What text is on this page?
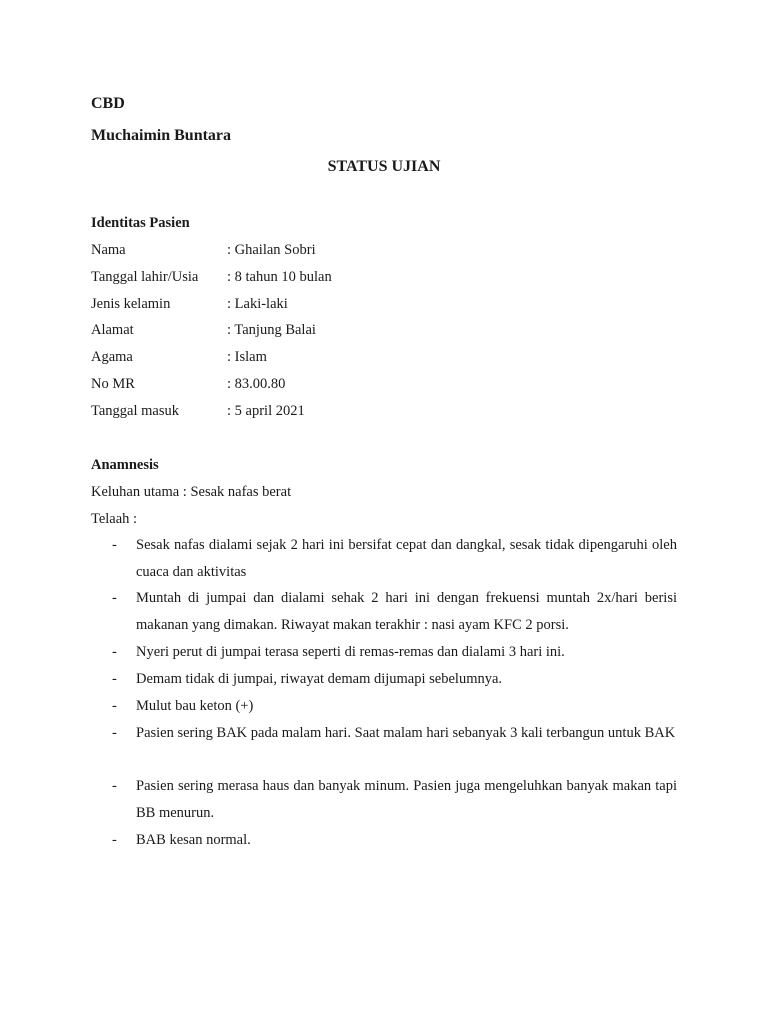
CBD
Muchaimin Buntara
STATUS UJIAN
Identitas Pasien
Nama	: Ghailan Sobri
Tanggal lahir/Usia : 8 tahun 10 bulan
Jenis kelamin	: Laki-laki
Alamat	: Tanjung Balai
Agama	: Islam
No MR	: 83.00.80
Tanggal masuk	: 5 april 2021
Anamnesis
Keluhan utama : Sesak nafas berat
Telaah :
- Sesak nafas dialami sejak 2 hari ini bersifat cepat dan dangkal, sesak tidak dipengaruhi oleh cuaca dan aktivitas
- Muntah di jumpai dan dialami sehak 2 hari ini dengan frekuensi muntah 2x/hari berisi makanan yang dimakan. Riwayat makan terakhir : nasi ayam KFC 2 porsi.
- Nyeri perut di jumpai terasa seperti di remas-remas dan dialami 3 hari ini.
- Demam tidak di jumpai, riwayat demam dijumapi sebelumnya.
- Mulut bau keton (+)
- Pasien sering BAK pada malam hari. Saat malam hari sebanyak 3 kali terbangun untuk BAK
- Pasien sering merasa haus dan banyak minum. Pasien juga mengeluhkan banyak makan tapi BB menurun.
- BAB kesan normal.
